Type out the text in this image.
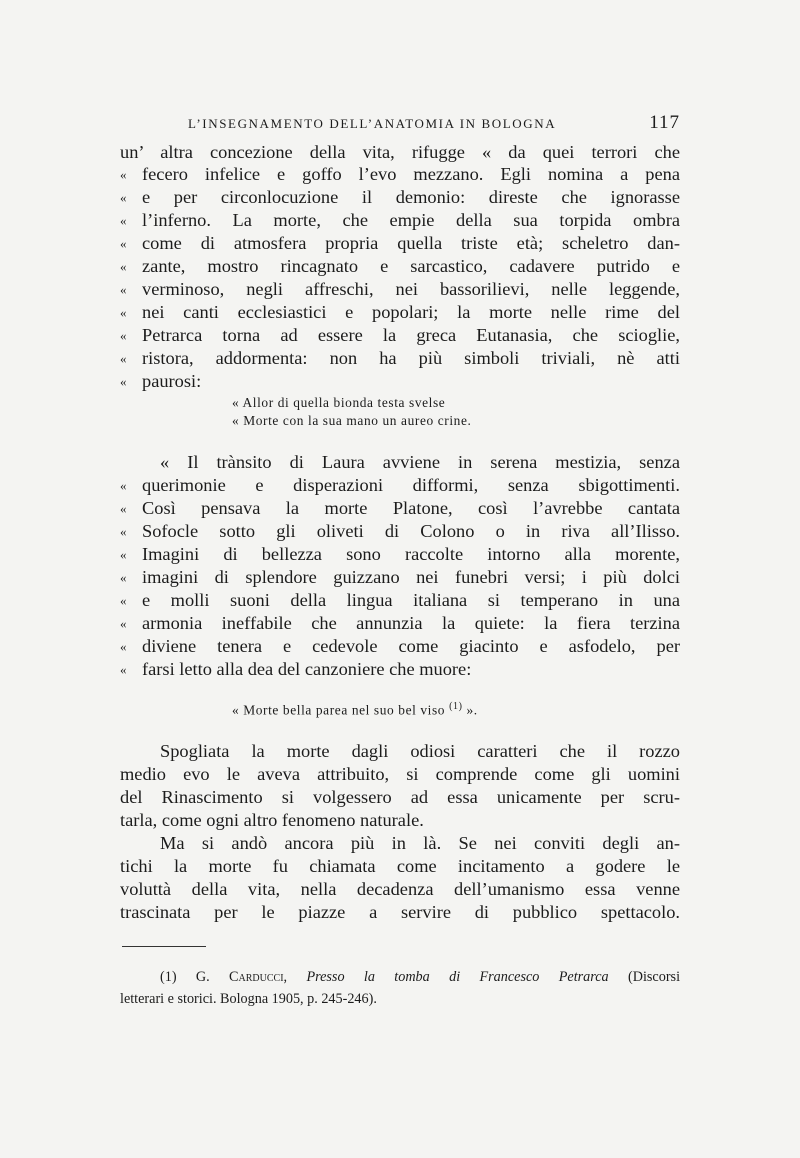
L’INSEGNAMENTO DELL’ANATOMIA IN BOLOGNA	117
un’ altra concezione della vita, rifugge « da quei terrori che
« fecero infelice e goffo l’evo mezzano. Egli nomina a pena
« e per circonlocuzione il demonio: direste che ignorasse
« l’inferno. La morte, che empie della sua torpida ombra
« come di atmosfera propria quella triste età; scheletro dan-
« zante, mostro rincagnato e sarcastico, cadavere putrido e
« verminoso, negli affreschi, nei bassorilievi, nelle leggende,
« nei canti ecclesiastici e popolari; la morte nelle rime del
« Petrarca torna ad essere la greca Eutanasia, che scioglie,
« ristora, addormenta: non ha più simboli triviali, nè atti
« paurosi:
« Allor di quella bionda testa svelse
« Morte con la sua mano un aureo crine.
« Il trànsito di Laura avviene in serena mestizia, senza
« querimonie e disperazioni difformi, senza sbigottimenti.
« Così pensava la morte Platone, così l’avrebbe cantata
« Sofocle sotto gli oliveti di Colono o in riva all’Ilisso.
« Imagini di bellezza sono raccolte intorno alla morente,
« imagini di splendore guizzano nei funebri versi; i più dolci
« e molli suoni della lingua italiana si temperano in una
« armonia ineffabile che annunzia la quiete: la fiera terzina
« diviene tenera e cedevole come giacinto e asfodelo, per
« farsi letto alla dea del canzoniere che muore:
« Morte bella parea nel suo bel viso $^{(1)}$ ».
Spogliata la morte dagli odiosi caratteri che il rozzo
medio evo le aveva attribuito, si comprende come gli uomini
del Rinascimento si volgessero ad essa unicamente per scru-
tarla, come ogni altro fenomeno naturale.
Ma si andò ancora più in là. Se nei conviti degli an-
tichi la morte fu chiamata come incitamento a godere le
voluttà della vita, nella decadenza dell’umanismo essa venne
trascinata per le piazze a servire di pubblico spettacolo.
(1) G. Carducci, Presso la tomba di Francesco Petrarca (Discorsi
letterari e storici. Bologna 1905, p. 245-246).
